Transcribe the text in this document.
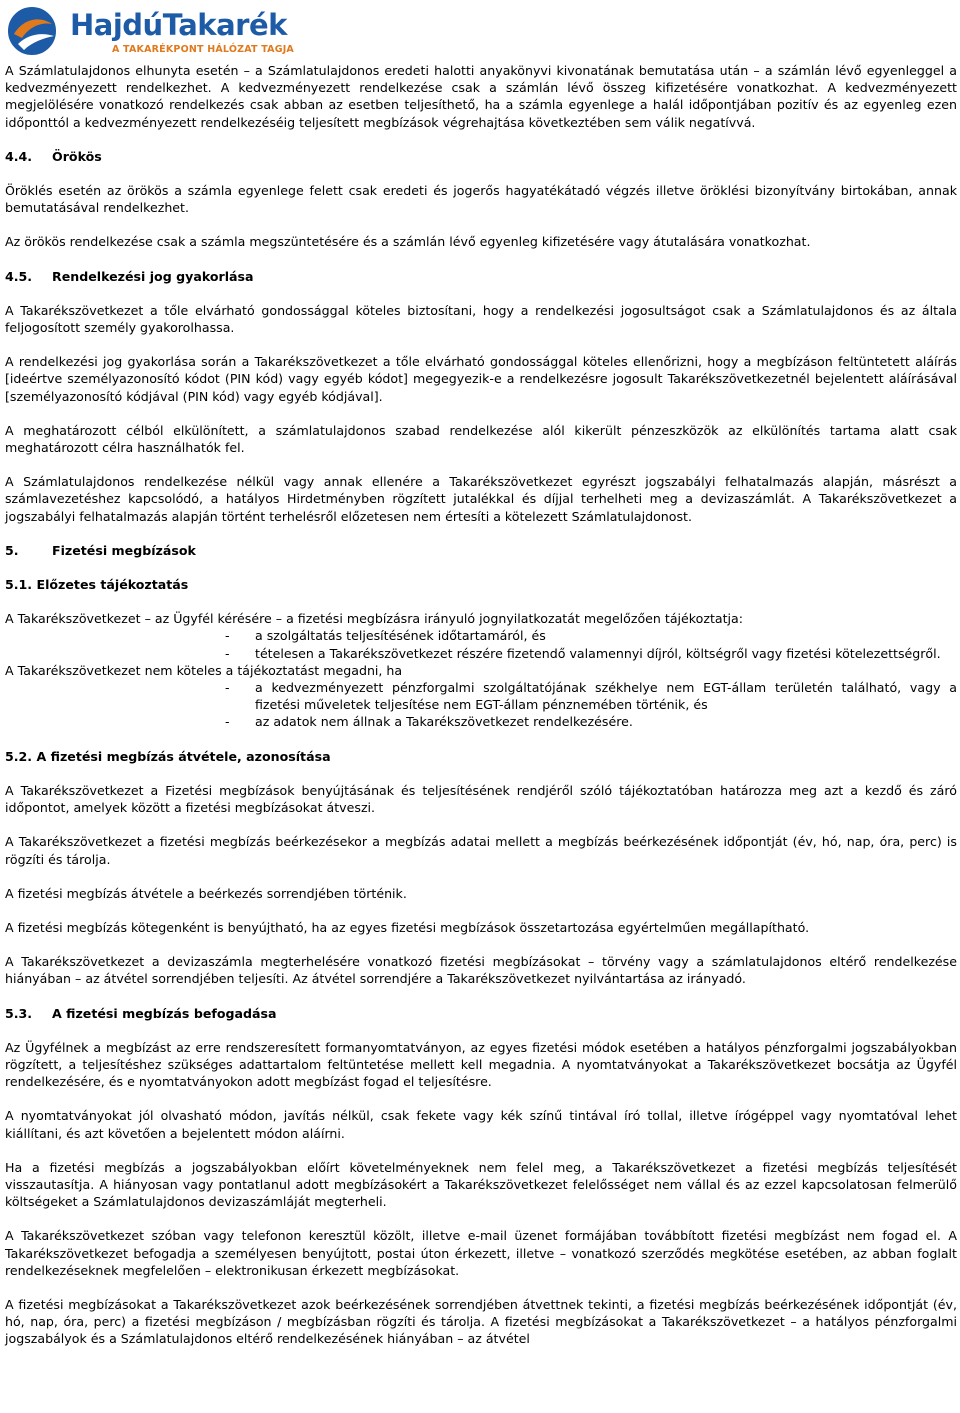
HajdúTakarék
A TAKARÉKPONT HÁLÓZAT TAGJA

A Számlatulajdonos elhunyta esetén – a Számlatulajdonos eredeti halotti anyakönyvi kivonatának bemutatása után – a számlán lévő egyenleggel a kedvezményezett rendelkezhet. A kedvezményezett rendelkezése csak a számlán lévő összeg kifizetésére vonatkozhat. A kedvezményezett megjelölésére vonatkozó rendelkezés csak abban az esetben teljesíthető, ha a számla egyenlege a halál időpontjában pozitív és az egyenleg ezen időponttól a kedvezményezett rendelkezéséig teljesített megbízások végrehajtása következtében sem válik negatívvá.

4.4. Örökös

Öröklés esetén az örökös a számla egyenlege felett csak eredeti és jogerős hagyatékátadó végzés illetve öröklési bizonyítvány birtokában, annak bemutatásával rendelkezhet.

Az örökös rendelkezése csak a számla megszüntetésére és a számlán lévő egyenleg kifizetésére vagy átutalására vonatkozhat.

4.5. Rendelkezési jog gyakorlása

A Takarékszövetkezet a tőle elvárható gondossággal köteles biztosítani, hogy a rendelkezési jogosultságot csak a Számlatulajdonos és az általa feljogosított személy gyakorolhassa.

A rendelkezési jog gyakorlása során a Takarékszövetkezet a tőle elvárható gondossággal köteles ellenőrizni, hogy a megbízáson feltüntetett aláírás [ideértve személyazonosító kódot (PIN kód) vagy egyéb kódot] megegyezik-e a rendelkezésre jogosult Takarékszövetkezetnél bejelentett aláírásával [személyazonosító kódjával (PIN kód) vagy egyéb kódjával].

A meghatározott célból elkülönített, a számlatulajdonos szabad rendelkezése alól kikerült pénzeszközök az elkülönítés tartama alatt csak meghatározott célra használhatók fel.

A Számlatulajdonos rendelkezése nélkül vagy annak ellenére a Takarékszövetkezet egyrészt jogszabályi felhatalmazás alapján, másrészt a számlavezetéshez kapcsolódó, a hatályos Hirdetményben rögzített jutalékkal és díjjal terhelheti meg a devizaszámlát. A Takarékszövetkezet a jogszabályi felhatalmazás alapján történt terhelésről előzetesen nem értesíti a kötelezett Számlatulajdonost.

5.	Fizetési megbízások
5.1. Előzetes tájékoztatás

A Takarékszövetkezet – az Ügyfél kérésére – a fizetési megbízásra irányuló jognyilatkozatát megelőzően tájékoztatja:

- a szolgáltatás teljesítésének időtartamáról, és
- tételesen a Takarékszövetkezet részére fizetendő valamennyi díjról, költségről vagy fizetési kötelezettségről.

A Takarékszövetkezet nem köteles a tájékoztatást megadni, ha

- a kedvezményezett pénzforgalmi szolgáltatójának székhelye nem EGT-állam területén található, vagy a fizetési műveletek teljesítése nem EGT-állam pénznemében történik, és
- az adatok nem állnak a Takarékszövetkezet rendelkezésére.
5.2. A fizetési megbízás átvétele, azonosítása

A Takarékszövetkezet a Fizetési megbízások benyújtásának és teljesítésének rendjéről szóló tájékoztatóban határozza meg azt a kezdő és záró időpontot, amelyek között a fizetési megbízásokat átveszi.

A Takarékszövetkezet a fizetési megbízás beérkezésekor a megbízás adatai mellett a megbízás beérkezésének időpontját (év, hó, nap, óra, perc) is rögzíti és tárolja.

A fizetési megbízás átvétele a beérkezés sorrendjében történik.

A fizetési megbízás kötegenként is benyújtható, ha az egyes fizetési megbízások összetartozása egyértelműen megállapítható.

A Takarékszövetkezet a devizaszámla megterhelésére vonatkozó fizetési megbízásokat – törvény vagy a számlatulajdonos eltérő rendelkezése hiányában – az átvétel sorrendjében teljesíti. Az átvétel sorrendjére a Takarékszövetkezet nyilvántartása az irányadó.

5.3. A fizetési megbízás befogadása

Az Ügyfélnek a megbízást az erre rendszeresített formanyomtatványon, az egyes fizetési módok esetében a hatályos pénzforgalmi jogszabályokban rögzített, a teljesítéshez szükséges adattartalom feltüntetése mellett kell megadnia. A nyomtatványokat a Takarékszövetkezet bocsátja az Ügyfél rendelkezésére, és e nyomtatványokon adott megbízást fogad el teljesítésre.

A nyomtatványokat jól olvasható módon, javítás nélkül, csak fekete vagy kék színű tintával író tollal, illetve írógéppel vagy nyomtatóval lehet kiállítani, és azt követően a bejelentett módon aláírni.

Ha a fizetési megbízás a jogszabályokban előírt követelményeknek nem felel meg, a Takarékszövetkezet a fizetési megbízás teljesítését visszautasítja. A hiányosan vagy pontatlanul adott megbízásokért a Takarékszövetkezet felelősséget nem vállal és az ezzel kapcsolatosan felmerülő költségeket a Számlatulajdonos devizaszámláját megterheli.

A Takarékszövetkezet szóban vagy telefonon keresztül közölt, illetve e-mail üzenet formájában továbbított fizetési megbízást nem fogad el. A Takarékszövetkezet befogadja a személyesen benyújtott, postai úton érkezett, illetve – vonatkozó szerződés megkötése esetében, az abban foglalt rendelkezéseknek megfelelően – elektronikusan érkezett megbízásokat.

A fizetési megbízásokat a Takarékszövetkezet azok beérkezésének sorrendjében átvettnek tekinti, a fizetési megbízás beérkezésének időpontját (év, hó, nap, óra, perc) a fizetési megbízáson / megbízásban rögzíti és tárolja. A fizetési megbízásokat a Takarékszövetkezet – a hatályos pénzforgalmi jogszabályok és a Számlatulajdonos eltérő rendelkezésének hiányában – az átvétel
